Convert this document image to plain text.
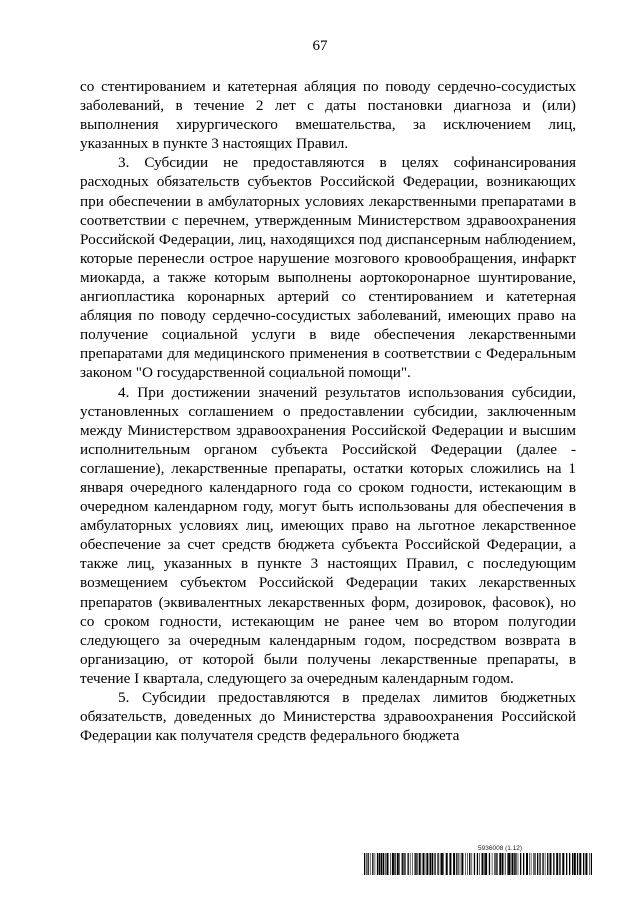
67

со стентированием и катетерная абляция по поводу сердечно-сосудистых заболеваний, в течение 2 лет с даты постановки диагноза и (или) выполнения хирургического вмешательства, за исключением лиц, указанных в пункте 3 настоящих Правил.

3. Субсидии не предоставляются в целях софинансирования расходных обязательств субъектов Российской Федерации, возникающих при обеспечении в амбулаторных условиях лекарственными препаратами в соответствии с перечнем, утвержденным Министерством здравоохранения Российской Федерации, лиц, находящихся под диспансерным наблюдением, которые перенесли острое нарушение мозгового кровообращения, инфаркт миокарда, а также которым выполнены аортокоронарное шунтирование, ангиопластика коронарных артерий со стентированием и катетерная абляция по поводу сердечно-сосудистых заболеваний, имеющих право на получение социальной услуги в виде обеспечения лекарственными препаратами для медицинского применения в соответствии с Федеральным законом "О государственной социальной помощи".

4. При достижении значений результатов использования субсидии, установленных соглашением о предоставлении субсидии, заключенным между Министерством здравоохранения Российской Федерации и высшим исполнительным органом субъекта Российской Федерации (далее - соглашение), лекарственные препараты, остатки которых сложились на 1 января очередного календарного года со сроком годности, истекающим в очередном календарном году, могут быть использованы для обеспечения в амбулаторных условиях лиц, имеющих право на льготное лекарственное обеспечение за счет средств бюджета субъекта Российской Федерации, а также лиц, указанных в пункте 3 настоящих Правил, с последующим возмещением субъектом Российской Федерации таких лекарственных препаратов (эквивалентных лекарственных форм, дозировок, фасовок), но со сроком годности, истекающим не ранее чем во втором полугодии следующего за очередным календарным годом, посредством возврата в организацию, от которой были получены лекарственные препараты, в течение I квартала, следующего за очередным календарным годом.

5. Субсидии предоставляются в пределах лимитов бюджетных обязательств, доведенных до Министерства здравоохранения Российской Федерации как получателя средств федерального бюджета

5936008 (1.12)
